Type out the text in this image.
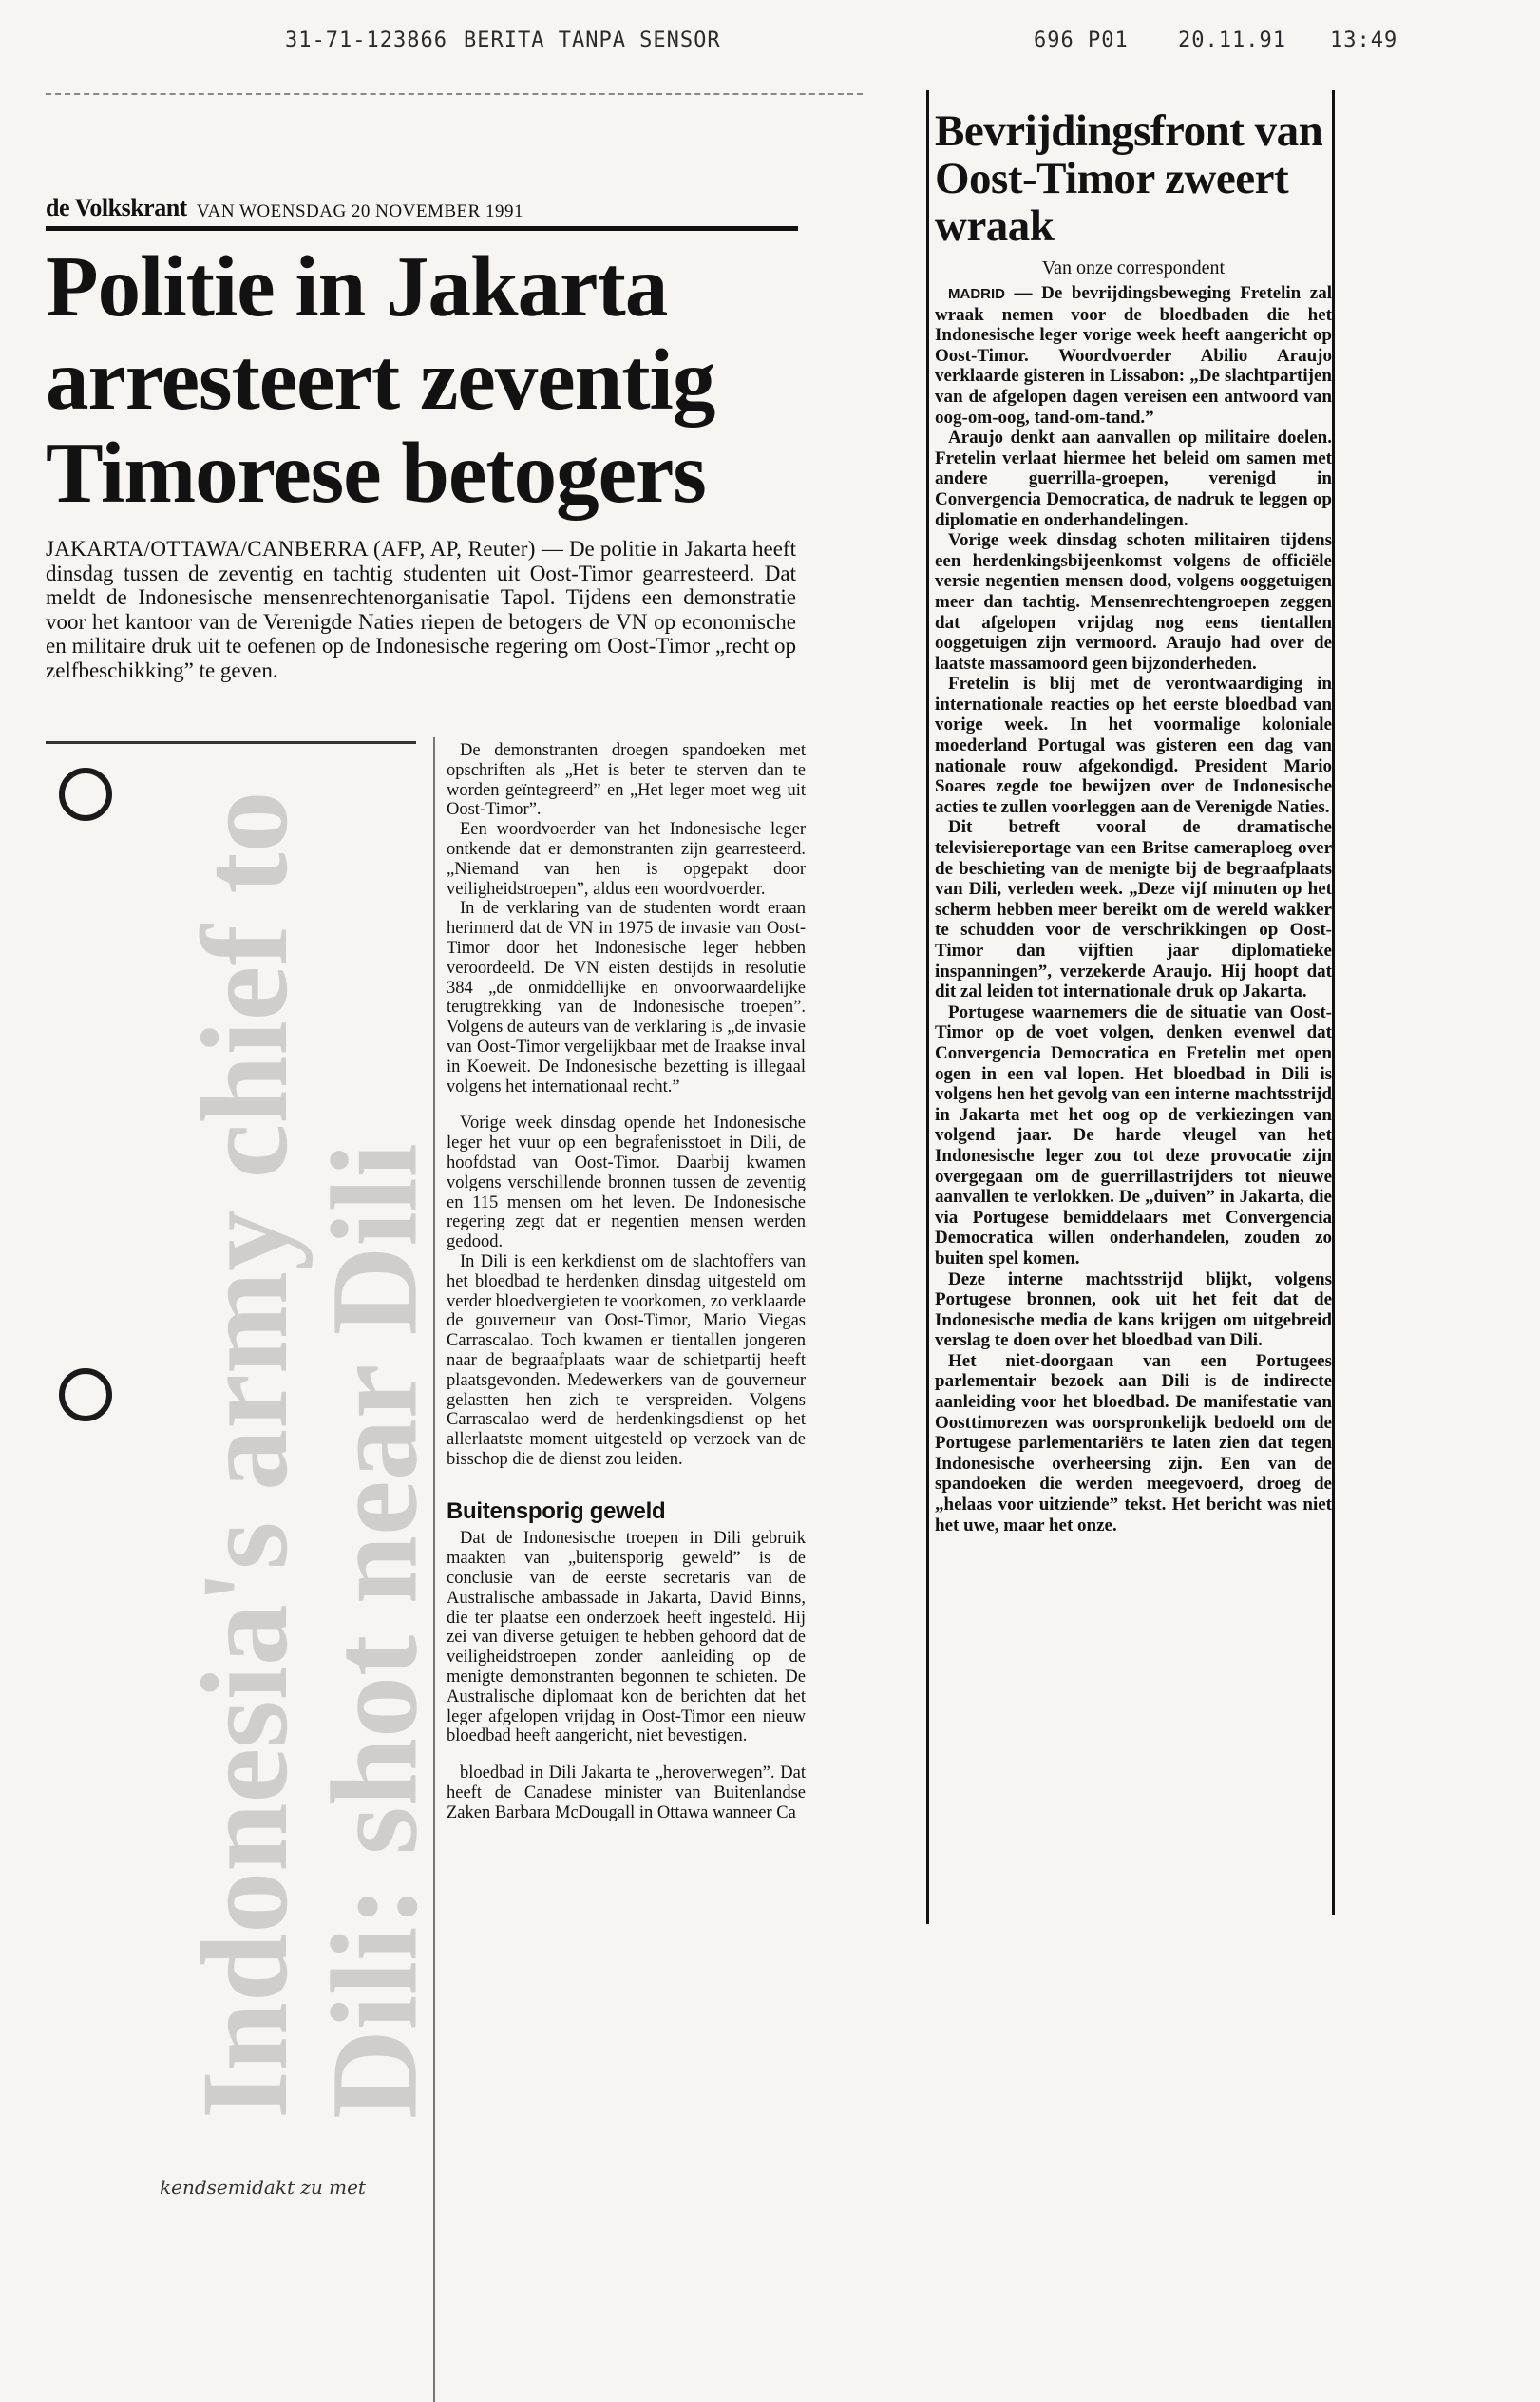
31-71-123866 BERITA TANPA SENSOR	696 P01 20.11.91 13:49
Indonesia's army chief to Dili: shot near Dili
de Volkskrant VAN WOENSDAG 20 NOVEMBER 1991
Politie in Jakarta arresteert zeventig Timorese betogers

JAKARTA/OTTAWA/CANBERRA (AFP, AP, Reuter) — De politie in Jakarta heeft dinsdag tussen de zeventig en tachtig studenten uit Oost-Timor gearresteerd. Dat meldt de Indonesische mensenrechtenorganisatie Tapol. Tijdens een demonstratie voor het kantoor van de Verenigde Naties riepen de betogers de VN op economische en militaire druk uit te oefenen op de Indonesische regering om Oost-Timor „recht op zelfbeschikking” te geven.

De demonstranten droegen spandoeken met opschriften als „Het is beter te sterven dan te worden geïntegreerd” en „Het leger moet weg uit Oost-Timor”.

Een woordvoerder van het Indonesische leger ontkende dat er demonstranten zijn gearresteerd. „Niemand van hen is opgepakt door veiligheidstroepen”, aldus een woordvoerder.

In de verklaring van de studenten wordt eraan herinnerd dat de VN in 1975 de invasie van Oost-Timor door het Indonesische leger hebben veroordeeld. De VN eisten destijds in resolutie 384 „de onmiddellijke en onvoorwaardelijke terugtrekking van de Indonesische troepen”. Volgens de auteurs van de verklaring is „de invasie van Oost-Timor vergelijkbaar met de Iraakse inval in Koeweit. De Indonesische bezetting is illegaal volgens het internationaal recht.”

Vorige week dinsdag opende het Indonesische leger het vuur op een begrafenisstoet in Dili, de hoofdstad van Oost-Timor. Daarbij kwamen volgens verschillende bronnen tussen de zeventig en 115 mensen om het leven. De Indonesische regering zegt dat er negentien mensen werden gedood.

In Dili is een kerkdienst om de slachtoffers van het bloedbad te herdenken dinsdag uitgesteld om verder bloedvergieten te voorkomen, zo verklaarde de gouverneur van Oost-Timor, Mario Viegas Carrascalao. Toch kwamen er tientallen jongeren naar de begraafplaats waar de schietpartij heeft plaatsgevonden. Medewerkers van de gouverneur gelastten hen zich te verspreiden. Volgens Carrascalao werd de herdenkingsdienst op het allerlaatste moment uitgesteld op verzoek van de bisschop die de dienst zou leiden.

Buitensporig geweld

Dat de Indonesische troepen in Dili gebruik maakten van „buitensporig geweld” is de conclusie van de eerste secretaris van de Australische ambassade in Jakarta, David Binns, die ter plaatse een onderzoek heeft ingesteld. Hij zei van diverse getuigen te hebben gehoord dat de veiligheidstroepen zonder aanleiding op de menigte demonstranten begonnen te schieten. De Australische diplomaat kon de berichten dat het leger afgelopen vrijdag in Oost-Timor een nieuw bloedbad heeft aangericht, niet bevestigen.

bloedbad in Dili Jakarta te „heroverwegen”. Dat heeft de Canadese minister van Buitenlandse Zaken Barbara McDougall in Ottawa wanneer Ca

kendsemidakt zu met
Bevrijdingsfront van Oost-Timor zweert wraak
Van onze correspondent

MADRID — De bevrijdingsbeweging Fretelin zal wraak nemen voor de bloedbaden die het Indonesische leger vorige week heeft aangericht op Oost-Timor. Woordvoerder Abilio Araujo verklaarde gisteren in Lissabon: „De slachtpartijen van de afgelopen dagen vereisen een antwoord van oog-om-oog, tand-om-tand.”

Araujo denkt aan aanvallen op militaire doelen. Fretelin verlaat hiermee het beleid om samen met andere guerrilla-groepen, verenigd in Convergencia Democratica, de nadruk te leggen op diplomatie en onderhandelingen.

Vorige week dinsdag schoten militairen tijdens een herdenkingsbijeenkomst volgens de officiële versie negentien mensen dood, volgens ooggetuigen meer dan tachtig. Mensenrechtengroepen zeggen dat afgelopen vrijdag nog eens tientallen ooggetuigen zijn vermoord. Araujo had over de laatste massamoord geen bijzonderheden.

Fretelin is blij met de verontwaardiging in internationale reacties op het eerste bloedbad van vorige week. In het voormalige koloniale moederland Portugal was gisteren een dag van nationale rouw afgekondigd. President Mario Soares zegde toe bewijzen over de Indonesische acties te zullen voorleggen aan de Verenigde Naties.

Dit betreft vooral de dramatische televisiereportage van een Britse cameraploeg over de beschieting van de menigte bij de begraafplaats van Dili, verleden week. „Deze vijf minuten op het scherm hebben meer bereikt om de wereld wakker te schudden voor de verschrikkingen op Oost-Timor dan vijftien jaar diplomatieke inspanningen”, verzekerde Araujo. Hij hoopt dat dit zal leiden tot internationale druk op Jakarta.

Portugese waarnemers die de situatie van Oost-Timor op de voet volgen, denken evenwel dat Convergencia Democratica en Fretelin met open ogen in een val lopen. Het bloedbad in Dili is volgens hen het gevolg van een interne machtsstrijd in Jakarta met het oog op de verkiezingen van volgend jaar. De harde vleugel van het Indonesische leger zou tot deze provocatie zijn overgegaan om de guerrillastrijders tot nieuwe aanvallen te verlokken. De „duiven” in Jakarta, die via Portugese bemiddelaars met Convergencia Democratica willen onderhandelen, zouden zo buiten spel komen.

Deze interne machtsstrijd blijkt, volgens Portugese bronnen, ook uit het feit dat de Indonesische media de kans krijgen om uitgebreid verslag te doen over het bloedbad van Dili.

Het niet-doorgaan van een Portugees parlementair bezoek aan Dili is de indirecte aanleiding voor het bloedbad. De manifestatie van Oosttimorezen was oorspronkelijk bedoeld om de Portugese parlementariërs te laten zien dat tegen Indonesische overheersing zijn. Een van de spandoeken die werden meegevoerd, droeg de „helaas voor uitziende” tekst. Het bericht was niet het uwe, maar het onze.
